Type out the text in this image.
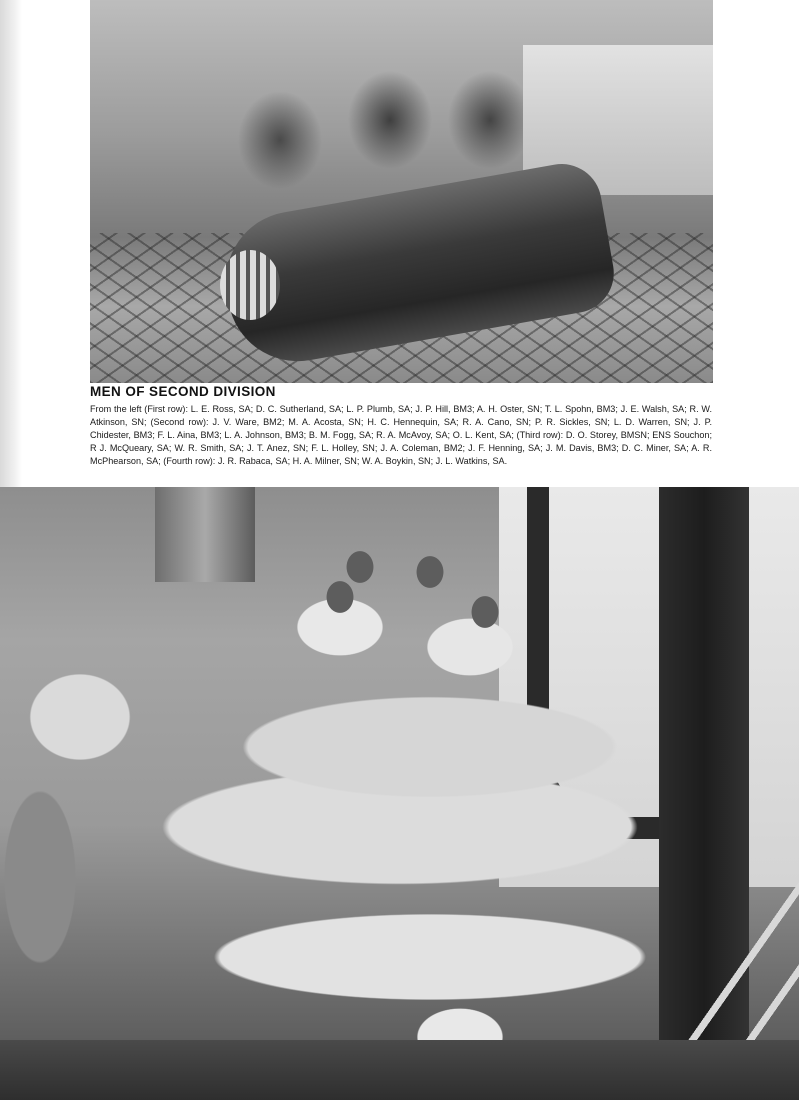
MEN OF SECOND DIVISION

From the left (First row): L. E. Ross, SA; D. C. Sutherland, SA; L. P. Plumb, SA; J. P. Hill, BM3; A. H. Oster, SN; T. L. Spohn, BM3; J. E. Walsh, SA; R. W. Atkinson, SN; (Second row): J. V. Ware, BM2; M. A. Acosta, SN; H. C. Hennequin, SA; R. A. Cano, SN; P. R. Sickles, SN; L. D. Warren, SN; J. P. Chidester, BM3; F. L. Aina, BM3; L. A. Johnson, BM3; B. M. Fogg, SA; R. A. McAvoy, SA; O. L. Kent, SA; (Third row): D. O. Storey, BMSN; ENS Souchon; R J. McQueary, SA; W. R. Smith, SA; J. T. Anez, SN; F. L. Holley, SN; J. A. Coleman, BM2; J. F. Henning, SA; J. M. Davis, BM3; D. C. Miner, SA; A. R. McPhearson, SA; (Fourth row): J. R. Rabaca, SA; H. A. Milner, SN; W. A. Boykin, SN; J. L. Watkins, SA.
